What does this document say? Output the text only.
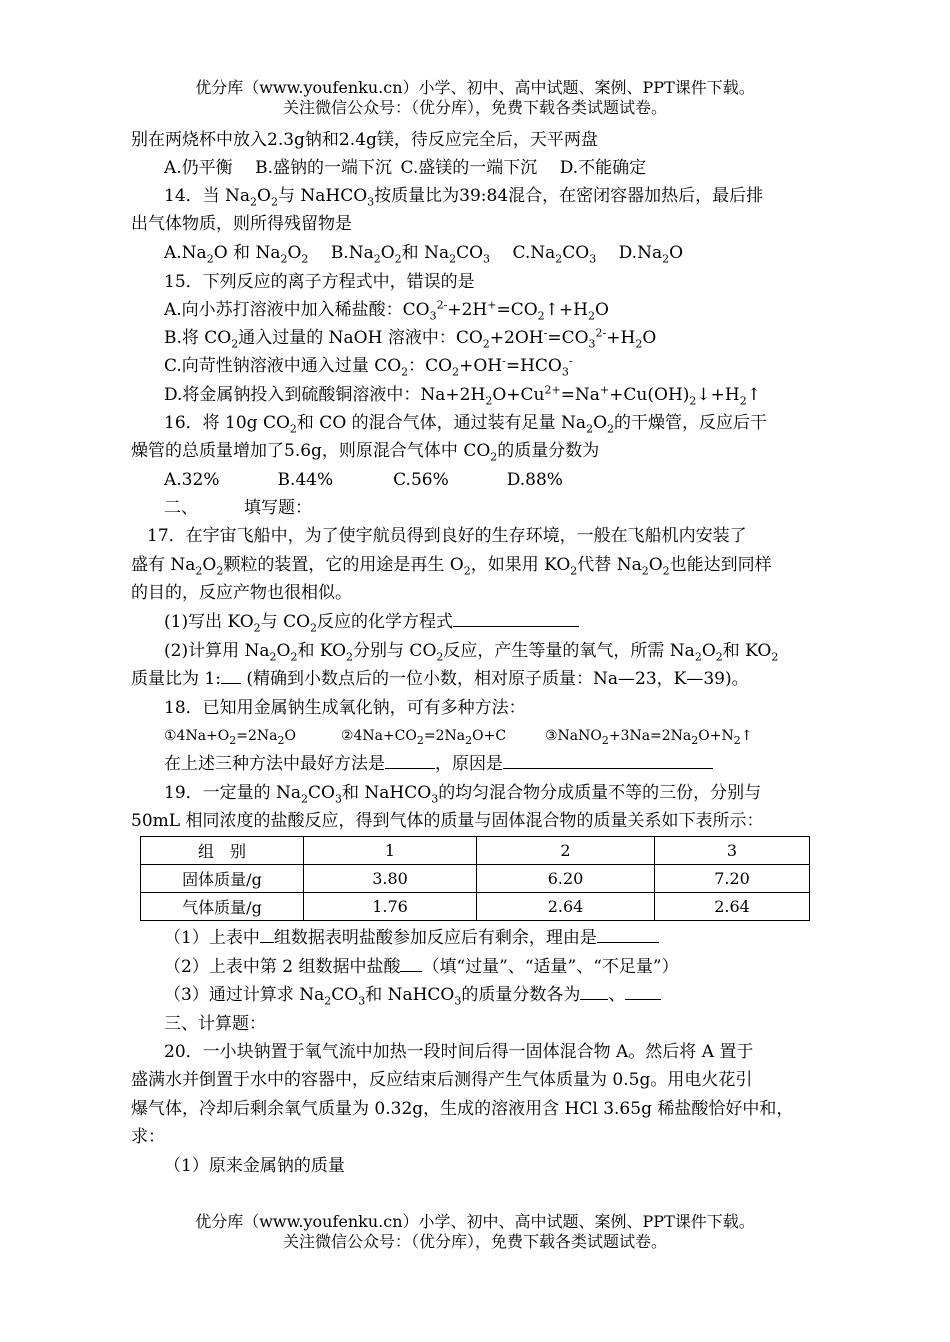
优分库（www.youfenku.cn）小学、初中、高中试题、案例、PPT课件下载。
关注微信公众号：（优分库），免费下载各类试题试卷。
别在两烧杯中放入2.3g钠和2.4g镁，待反应完全后，天平两盘
A.仍平衡  B.盛钠的一端下沉  C.盛镁的一端下沉  D.不能确定
14．当 $Na_2O_2$与 NaHCO$_3$按质量比为39:84混合，在密闭容器加热后，最后排
出气体物质，则所得残留物是
$A.Na_2O$ 和 $Na_2O_2$  $B.Na_2O_2$和 $Na_2CO_3$  $C.Na_2CO_3$  $D.Na_2O$
15．下列反应的离子方程式中，错误的是
A.向小苏打溶液中加入稀盐酸：$CO_3^{2-}+2H^+=CO_2↑+H_2O$
B.将 $CO_2$通入过量的 NaOH 溶液中：$CO_2+2OH^-=CO_3^{2-}+H_2O$
C.向苛性钠溶液中通入过量 $CO_2$：$CO_2+OH^-=HCO_3^-$
D.将金属钠投入到硫酸铜溶液中：$Na+2H_2O+Cu^{2+}=Na^++Cu(OH)_2↓+H_2↑$
16．将 10g $CO_2$和 CO 的混合气体，通过装有足量 $Na_2O_2$的干燥管，反应后干
燥管的总质量增加了5.6g，则原混合气体中 $CO_2$的质量分数为
A.32%	B.44%	C.56%	D.88%
二、	填写题：
17．在宇宙飞船中，为了使宇航员得到良好的生存环境，一般在飞船机内安装了
盛有 $Na_2O_2$颗粒的装置，它的用途是再生 $O_2$，如果用 $KO_2$代替 $Na_2O_2$也能达到同样
的目的，反应产物也很相似。
(1)写出 $KO_2$与 $CO_2$反应的化学方程式
(2)计算用 $Na_2O_2$和 $KO_2$分别与 $CO_2$反应，产生等量的氧气，所需 $Na_2O_2$和 $KO_2$
质量比为 1: (精确到小数点后的一位小数，相对原子质量：Na—23，K—39)。
18．已知用金属钠生成氧化钠，可有多种方法：
$①4Na+O_2=2Na_2O$	$②4Na+CO_2=2Na_2O+C$	$③NaNO_2+3Na=2Na_2O+N_2↑$
在上述三种方法中最好方法是	，原因是
19．一定量的 $Na_2CO_3$和 NaHCO$_3$的均匀混合物分成质量不等的三份，分别与
50mL 相同浓度的盐酸反应，得到气体的质量与固体混合物的质量关系如下表所示：
组　别	1	2	3
固体质量/g	3.80	6.20	7.20
气体质量/g	1.76	2.64	2.64
（1）上表中 组数据表明盐酸参加反应后有剩余，理由是
（2）上表中第 2 组数据中盐酸 （填“过量”、“适量”、“不足量”）
（3）通过计算求 $Na_2CO_3$和 NaHCO$_3$的质量分数各为 、
三、计算题：
20．一小块钠置于氧气流中加热一段时间后得一固体混合物 A。然后将 A 置于
盛满水并倒置于水中的容器中，反应结束后测得产生气体质量为 0.5g。用电火花引
爆气体，冷却后剩余氧气质量为 0.32g，生成的溶液用含 HCl 3.65g 稀盐酸恰好中和，
求：
（1）原来金属钠的质量
优分库（www.youfenku.cn）小学、初中、高中试题、案例、PPT课件下载。
关注微信公众号：（优分库），免费下载各类试题试卷。
